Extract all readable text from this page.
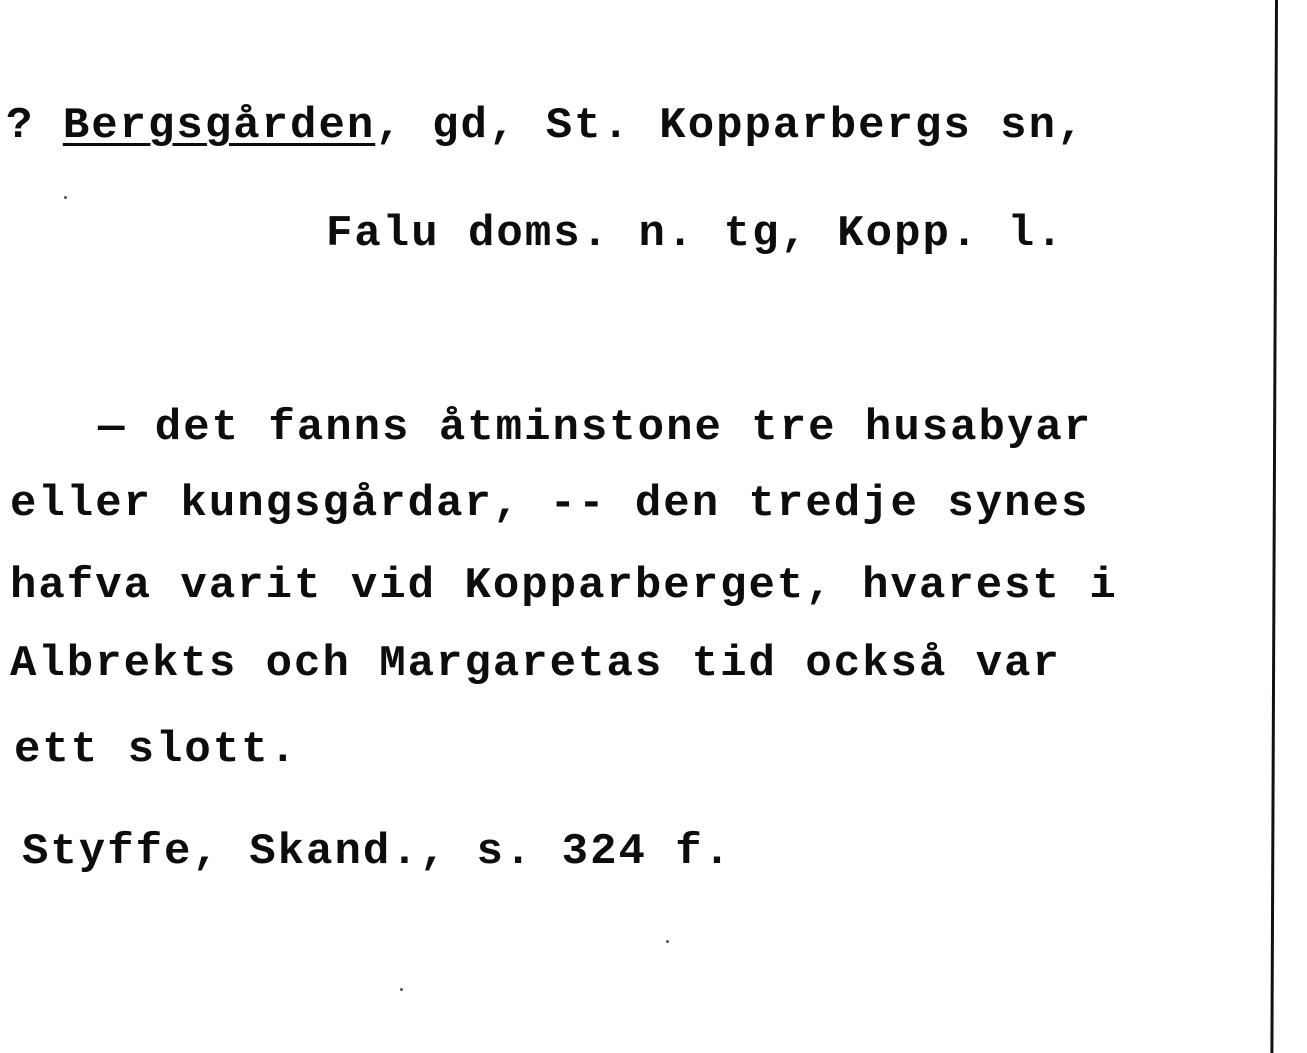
? Bergsgården, gd, St. Kopparbergs sn,
Falu doms. n. tg, Kopp. l.
— det fanns åtminstone tre husabyar
eller kungsgårdar, -- den tredje synes
hafva varit vid Kopparberget, hvarest i
Albrekts och Margaretas tid också var
ett slott.
Styffe, Skand., s. 324 f.
